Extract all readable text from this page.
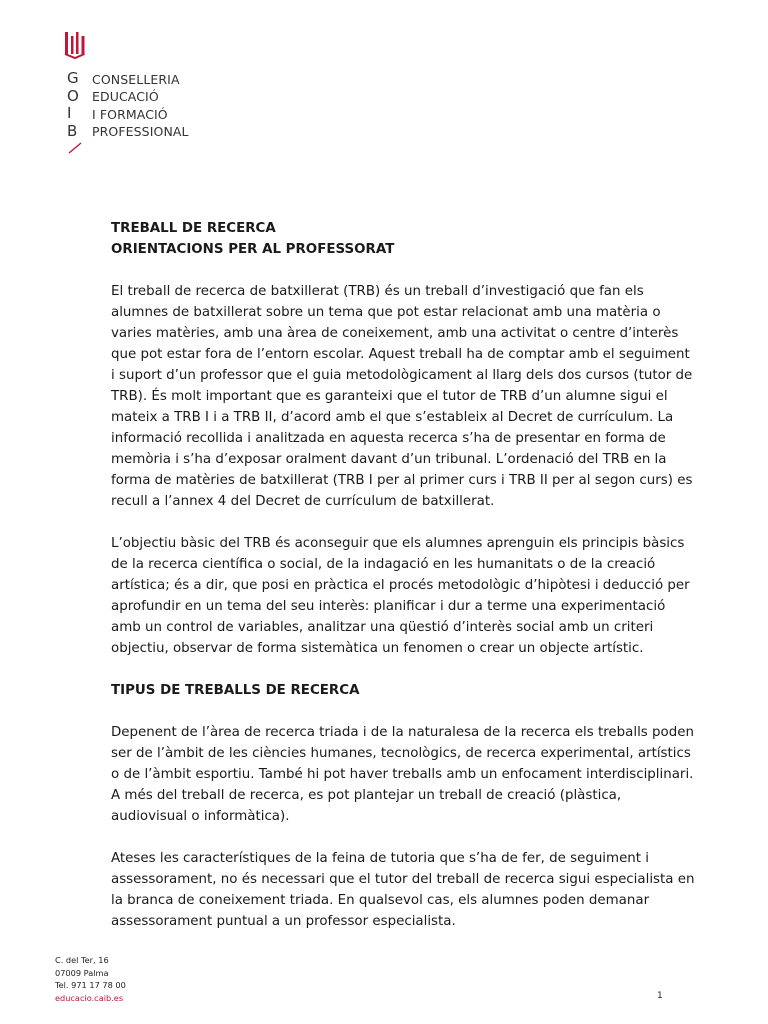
G
O
I
B
CONSELLERIA
EDUCACIÓ
I FORMACIÓ
PROFESSIONAL
TREBALL DE RECERCA
ORIENTACIONS PER AL PROFESSORAT

El treball de recerca de batxillerat (TRB) és un treball d’investigació que fan els alumnes de batxillerat sobre un tema que pot estar relacionat amb una matèria o varies matèries, amb una àrea de coneixement, amb una activitat o centre d’interès que pot estar fora de l’entorn escolar. Aquest treball ha de comptar amb el seguiment i suport d’un professor que el guia metodològicament al llarg dels dos cursos (tutor de TRB). És molt important que es garanteixi que el tutor de TRB d’un alumne sigui el mateix a TRB I i a TRB II, d’acord amb el que s’estableix al Decret de currículum. La informació recollida i analitzada en aquesta recerca s’ha de presentar en forma de memòria i s’ha d’exposar oralment davant d’un tribunal. L’ordenació del TRB en la forma de matèries de batxillerat (TRB I per al primer curs i TRB II per al segon curs) es recull a l’annex 4 del Decret de currículum de batxillerat.

L’objectiu bàsic del TRB és aconseguir que els alumnes aprenguin els principis bàsics de la recerca científica o social, de la indagació en les humanitats o de la creació artística; és a dir, que posi en pràctica el procés metodològic d’hipòtesi i deducció per aprofundir en un tema del seu interès: planificar i dur a terme una experimentació amb un control de variables, analitzar una qüestió d’interès social amb un criteri objectiu, observar de forma sistemàtica un fenomen o crear un objecte artístic.

TIPUS DE TREBALLS DE RECERCA

Depenent de l’àrea de recerca triada i de la naturalesa de la recerca els treballs poden ser de l’àmbit de les ciències humanes, tecnològics, de recerca experimental, artístics o de l’àmbit esportiu. També hi pot haver treballs amb un enfocament interdisciplinari. A més del treball de recerca, es pot plantejar un treball de creació (plàstica, audiovisual o informàtica).

Ateses les característiques de la feina de tutoria que s’ha de fer, de seguiment i assessorament, no és necessari que el tutor del treball de recerca sigui especialista en la branca de coneixement triada. En qualsevol cas, els alumnes poden demanar assessorament puntual a un professor especialista.

C. del Ter, 16
07009 Palma
Tel. 971 17 78 00
educacio.caib.es	1
